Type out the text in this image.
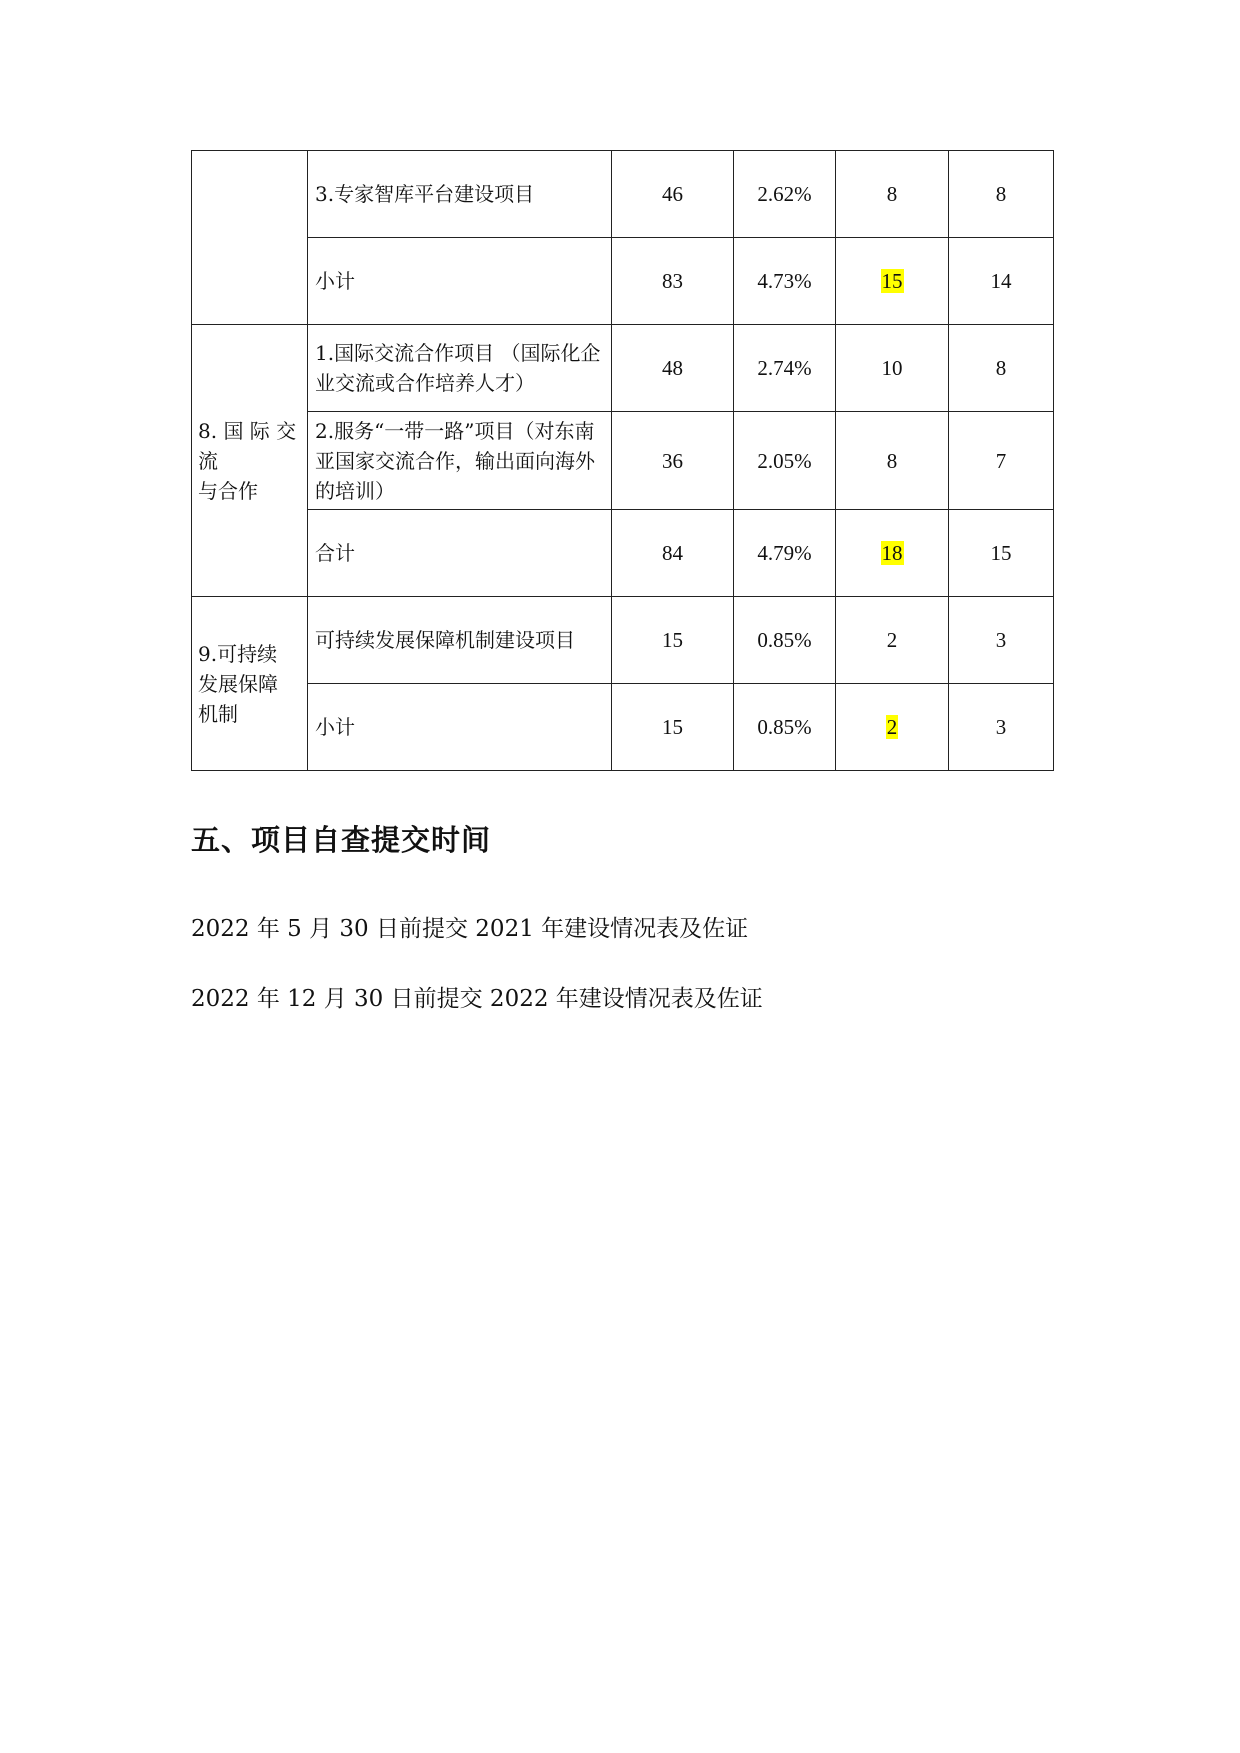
	3.专家智库平台建设项目	46	2.62%	8	8
	小计	83	4.73%	15	14

8. 国 际 交 流
与合作	1.国际交流合作项目 （国际化企业交流或合作培养人才）	48	2.74%	10	8
	2.服务“一带一路”项目（对东南亚国家交流合作，输出面向海外的培训）	36	2.05%	8	7
	合计	84	4.79%	18	15

9.可持续发展保障机制	可持续发展保障机制建设项目	15	0.85%	2	3
	小计	15	0.85%	2	3
五、项目自查提交时间

2022 年 5 月 30 日前提交 2021 年建设情况表及佐证

2022 年 12 月 30 日前提交 2022 年建设情况表及佐证
